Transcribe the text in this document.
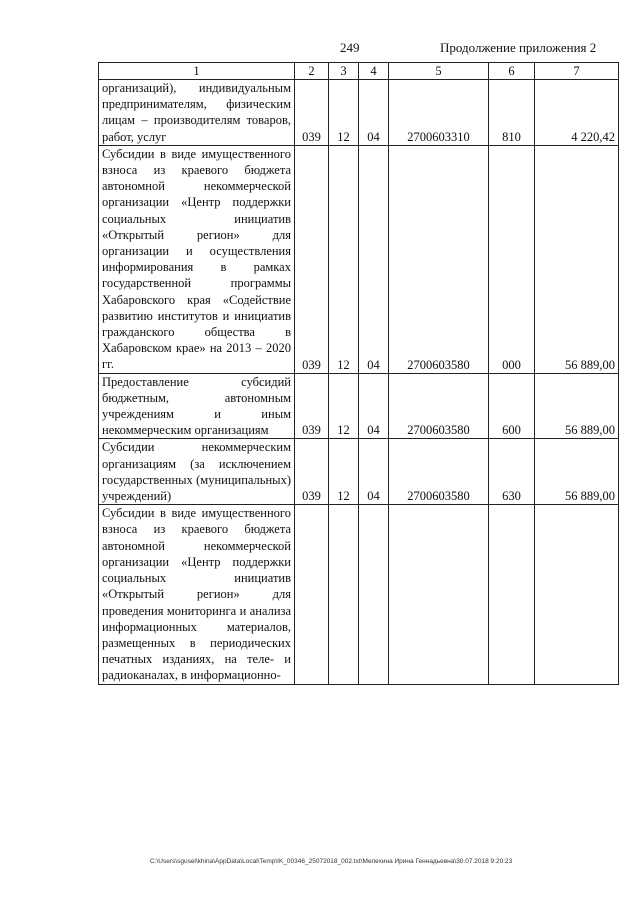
249	Продолжение приложения 2
1	2	3	4	5	6	7
организаций), индивидуальным предпринимателям, физическим лицам – производителям товаров, работ, услуг	039	12	04	2700603310	810	4 220,42
Субсидии в виде имущественного взноса из краевого бюджета автономной некоммерческой организации «Центр поддержки социальных инициатив «Открытый регион» для организации и осуществления информирования в рамках государственной программы Хабаровского края «Содействие развитию институтов и инициатив гражданского общества в Хабаровском крае» на 2013 – 2020 гг.	039	12	04	2700603580	000	56 889,00
Предоставление субсидий бюджетным, автономным учреждениям и иным некоммерческим организациям	039	12	04	2700603580	600	56 889,00
Субсидии некоммерческим организациям (за исключением государственных (муниципальных) учреждений)	039	12	04	2700603580	630	56 889,00
Субсидии в виде имущественного взноса из краевого бюджета автономной некоммерческой организации «Центр поддержки социальных инициатив «Открытый регион» для проведения мониторинга и анализа информационных материалов, размещенных в периодических печатных изданиях, на теле- и радиоканалах, в информационно-						
C:\Users\sgusel\khina\AppData\Local\Temp\IK_00346_25072018_002.txt\Мелехина Ирина Геннадьевна\30.07.2018 9:20:23
